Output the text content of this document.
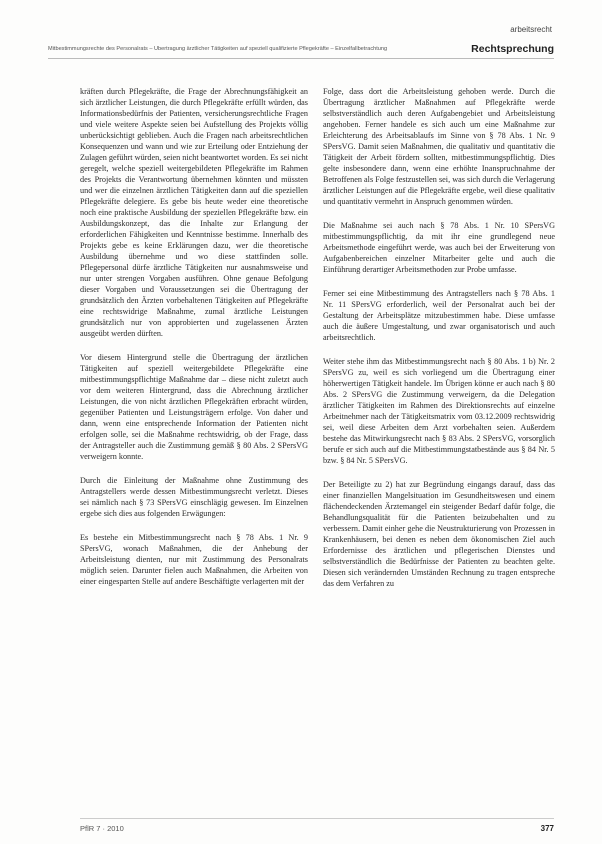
arbeitsrecht
Mitbestimmungsrechte des Personalrats – Übertragung ärztlicher Tätigkeiten auf speziell qualifizierte Pflegekräfte – Einzelfallbetrachtung	Rechtsprechung

kräften durch Pflegekräfte, die Frage der Abrechnungsfähigkeit an sich ärztlicher Leistungen, die durch Pflegekräfte erfüllt würden, das Informationsbedürfnis der Patienten, versicherungsrechtliche Fragen und viele weitere Aspekte seien bei Aufstellung des Projekts völlig unberücksichtigt geblieben. Auch die Fragen nach arbeitsrechtlichen Konsequenzen und wann und wie zur Erteilung oder Entziehung der Zulagen geführt würden, seien nicht beantwortet worden. Es sei nicht geregelt, welche speziell weitergebildeten Pflegekräfte im Rahmen des Projekts die Verantwortung übernehmen könnten und müssten und wer die einzelnen ärztlichen Tätigkeiten dann auf die speziellen Pflegekräfte delegiere. Es gebe bis heute weder eine theoretische noch eine praktische Ausbildung der speziellen Pflegekräfte bzw. ein Ausbildungskonzept, das die Inhalte zur Erlangung der erforderlichen Fähigkeiten und Kenntnisse bestimme. Innerhalb des Projekts gebe es keine Erklärungen dazu, wer die theoretische Ausbildung übernehme und wo diese stattfinden solle. Pflegepersonal dürfe ärztliche Tätigkeiten nur ausnahmsweise und nur unter strengen Vorgaben ausführen. Ohne genaue Befolgung dieser Vorgaben und Voraussetzungen sei die Übertragung der grundsätzlich den Ärzten vorbehaltenen Tätigkeiten auf Pflegekräfte eine rechtswidrige Maßnahme, zumal ärztliche Leistungen grundsätzlich nur von approbierten und zugelassenen Ärzten ausgeübt werden dürften.

Vor diesem Hintergrund stelle die Übertragung der ärztlichen Tätigkeiten auf speziell weitergebildete Pflegekräfte eine mitbestimmungspflichtige Maßnahme dar – diese nicht zuletzt auch vor dem weiteren Hintergrund, dass die Abrechnung ärztlicher Leistungen, die von nicht ärztlichen Pflegekräften erbracht würden, gegenüber Patienten und Leistungsträgern erfolge. Von daher und dann, wenn eine entsprechende Information der Patienten nicht erfolgen solle, sei die Maßnahme rechtswidrig, ob der Frage, dass der Antragsteller auch die Zustimmung gemäß § 80 Abs. 2 SPersVG verweigern konnte.

Durch die Einleitung der Maßnahme ohne Zustimmung des Antragstellers werde dessen Mitbestimmungsrecht verletzt. Dieses sei nämlich nach § 73 SPersVG einschlägig gewesen. Im Einzelnen ergebe sich dies aus folgenden Erwägungen:

Es bestehe ein Mitbestimmungsrecht nach § 78 Abs. 1 Nr. 9 SPersVG, wonach Maßnahmen, die der Anhebung der Arbeitsleistung dienten, nur mit Zustimmung des Personalrats möglich seien. Darunter fielen auch Maßnahmen, die Arbeiten von einer eingesparten Stelle auf andere Beschäftigte verlagerten mit der

Folge, dass dort die Arbeitsleistung gehoben werde. Durch die Übertragung ärztlicher Maßnahmen auf Pflegekräfte werde selbstverständlich auch deren Aufgabengebiet und Arbeitsleistung angehoben. Ferner handele es sich auch um eine Maßnahme zur Erleichterung des Arbeitsablaufs im Sinne von § 78 Abs. 1 Nr. 9 SPersVG. Damit seien Maßnahmen, die qualitativ und quantitativ die Tätigkeit der Arbeit fördern sollten, mitbestimmungspflichtig. Dies gelte insbesondere dann, wenn eine erhöhte Inanspruchnahme der Betroffenen als Folge festzustellen sei, was sich durch die Verlagerung ärztlicher Leistungen auf die Pflegekräfte ergebe, weil diese qualitativ und quantitativ vermehrt in Anspruch genommen würden.

Die Maßnahme sei auch nach § 78 Abs. 1 Nr. 10 SPersVG mitbestimmungspflichtig, da mit ihr eine grundlegend neue Arbeitsmethode eingeführt werde, was auch bei der Erweiterung von Aufgabenbereichen einzelner Mitarbeiter gelte und auch die Einführung derartiger Arbeitsmethoden zur Probe umfasse.

Ferner sei eine Mitbestimmung des Antragstellers nach § 78 Abs. 1 Nr. 11 SPersVG erforderlich, weil der Personalrat auch bei der Gestaltung der Arbeitsplätze mitzubestimmen habe. Diese umfasse auch die äußere Umgestaltung, und zwar organisatorisch und auch arbeitsrechtlich.

Weiter stehe ihm das Mitbestimmungsrecht nach § 80 Abs. 1 b) Nr. 2 SPersVG zu, weil es sich vorliegend um die Übertragung einer höherwertigen Tätigkeit handele. Im Übrigen könne er auch nach § 80 Abs. 2 SPersVG die Zustimmung verweigern, da die Delegation ärztlicher Tätigkeiten im Rahmen des Direktionsrechts auf einzelne Arbeitnehmer nach der Tätigkeitsmatrix vom 03.12.2009 rechtswidrig sei, weil diese Arbeiten dem Arzt vorbehalten seien. Außerdem bestehe das Mitwirkungsrecht nach § 83 Abs. 2 SPersVG, vorsorglich berufe er sich auch auf die Mitbestimmungstatbestände aus § 84 Nr. 5 bzw. § 84 Nr. 5 SPersVG.

Der Beteiligte zu 2) hat zur Begründung eingangs darauf, dass das einer finanziellen Mangelsituation im Gesundheitswesen und einem flächendeckenden Ärztemangel ein steigender Bedarf dafür folge, die Behandlungsqualität für die Patienten beizubehalten und zu verbessern. Damit einher gehe die Neustrukturierung von Prozessen in Krankenhäusern, bei denen es neben dem ökonomischen Ziel auch Erfordernisse des ärztlichen und pflegerischen Dienstes und selbstverständlich die Bedürfnisse der Patienten zu beachten gelte. Diesen sich verändernden Umständen Rechnung zu tragen entspreche das dem Verfahren zu

PflR 7 · 2010	377
